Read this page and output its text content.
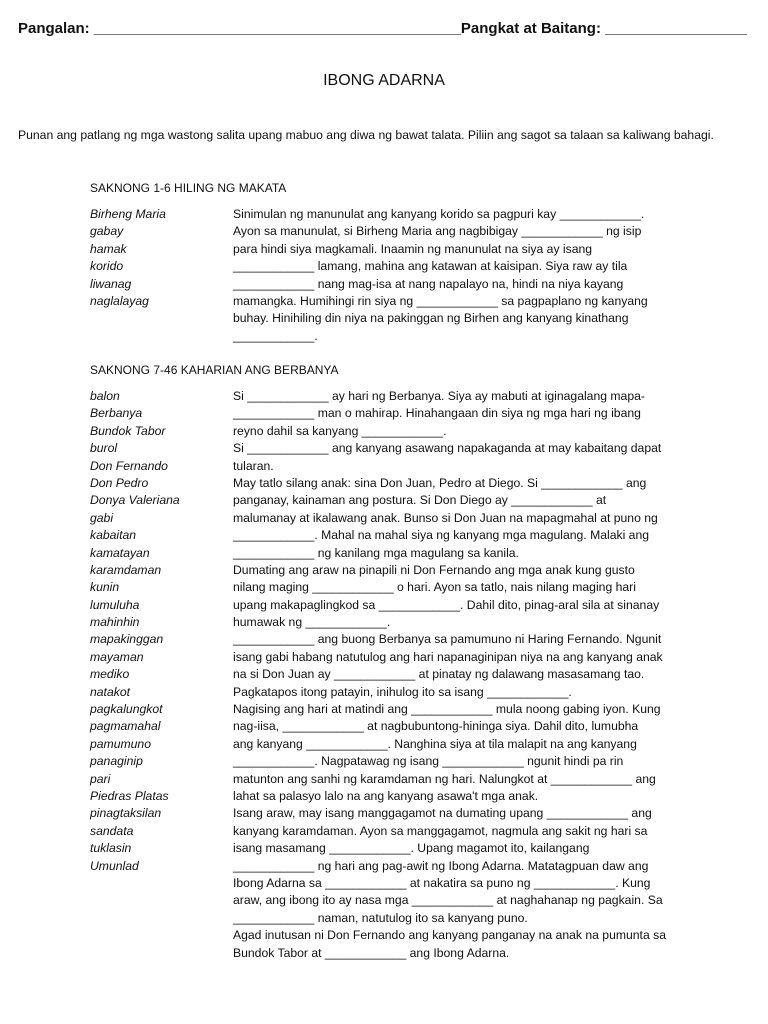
Pangalan: ____________________________________________Pangkat at Baitang: _________________
IBONG ADARNA
Punan ang patlang ng mga wastong salita upang mabuo ang diwa ng bawat talata. Piliin ang sagot sa talaan sa kaliwang bahagi.
SAKNONG 1-6 HILING NG MAKATA
Birheng Maria
gabay
hamak
korido
liwanag
naglalayag
Sinimulan ng manunulat ang kanyang korido sa pagpuri kay ____________.
Ayon sa manunulat, si Birheng Maria ang nagbibigay ____________ ng isip
para hindi siya magkamali. Inaamin ng manunulat na siya ay isang
____________ lamang, mahina ang katawan at kaisipan. Siya raw ay tila
____________ nang mag-isa at nang napalayo na, hindi na niya kayang
mamangka. Humihingi rin siya ng ____________ sa pagpaplano ng kanyang
buhay. Hinihiling din niya na pakinggan ng Birhen ang kanyang kinathang
____________.
SAKNONG 7-46 KAHARIAN ANG BERBANYA
balon
Berbanya
Bundok Tabor
burol
Don Fernando
Don Pedro
Donya Valeriana
gabi
kabaitan
kamatayan
karamdaman
kunin
lumuluha
mahinhin
mapakinggan
mayaman
mediko
natakot
pagkalungkot
pagmamahal
pamumuno
panaginip
pari
Piedras Platas
pinagtaksilan
sandata
tuklasin
Umunlad
Si ____________ ay hari ng Berbanya. Siya ay mabuti at iginagalang mapa-
____________ man o mahirap. Hinahangaan din siya ng mga hari ng ibang
reyno dahil sa kanyang ____________.
Si ____________ ang kanyang asawang napakaganda at may kabaitang dapat
tularan.
May tatlo silang anak: sina Don Juan, Pedro at Diego. Si ____________ ang
panganay, kainaman ang postura. Si Don Diego ay ____________ at
malumanay at ikalawang anak. Bunso si Don Juan na mapagmahal at puno ng
____________. Mahal na mahal siya ng kanyang mga magulang. Malaki ang
____________ ng kanilang mga magulang sa kanila.
Dumating ang araw na pinapili ni Don Fernando ang mga anak kung gusto
nilang maging ____________ o hari. Ayon sa tatlo, nais nilang maging hari
upang makapaglingkod sa ____________. Dahil dito, pinag-aral sila at sinanay
humawak ng ____________.
____________ ang buong Berbanya sa pamumuno ni Haring Fernando. Ngunit
isang gabi habang natutulog ang hari napanaginipan niya na ang kanyang anak
na si Don Juan ay ____________ at pinatay ng dalawang masasamang tao.
Pagkatapos itong patayin, inihulog ito sa isang ____________.
Nagising ang hari at matindi ang ____________ mula noong gabing iyon. Kung
nag-iisa, ____________ at nagbubuntong-hininga siya. Dahil dito, lumubha
ang kanyang ____________. Nanghina siya at tila malapit na ang kanyang
____________. Nagpatawag ng isang ____________ ngunit hindi pa rin
matunton ang sanhi ng karamdaman ng hari. Nalungkot at ____________ ang
lahat sa palasyo lalo na ang kanyang asawa't mga anak.
Isang araw, may isang manggagamot na dumating upang ____________ ang
kanyang karamdaman. Ayon sa manggagamot, nagmula ang sakit ng hari sa
isang masamang ____________. Upang magamot ito, kailangang
____________ ng hari ang pag-awit ng Ibong Adarna. Matatagpuan daw ang
Ibong Adarna sa ____________ at nakatira sa puno ng ____________. Kung
araw, ang ibong ito ay nasa mga ____________ at naghahanap ng pagkain. Sa
____________ naman, natutulog ito sa kanyang puno.
Agad inutusan ni Don Fernando ang kanyang panganay na anak na pumunta sa
Bundok Tabor at ____________ ang Ibong Adarna.
